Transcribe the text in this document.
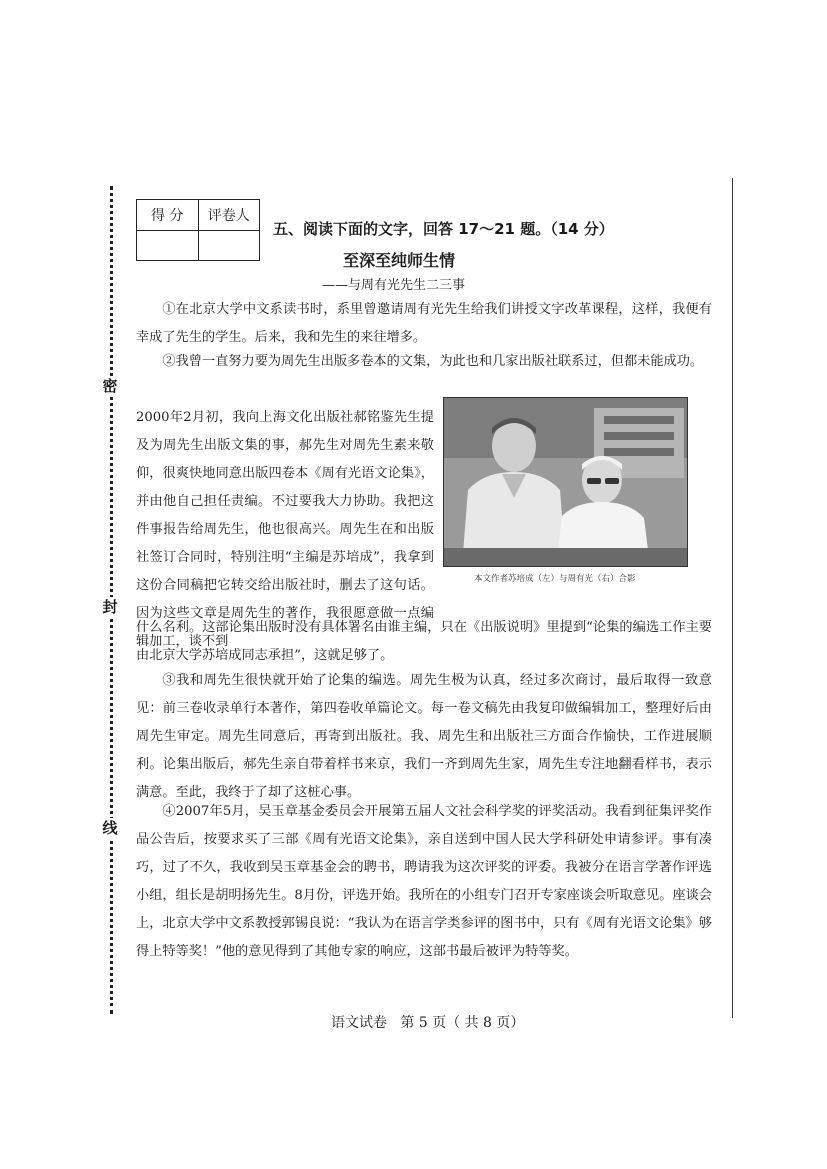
密
封
线
得 分	评卷人

五、阅读下面的文字，回答 17～21 题。（14 分）
至深至纯师生情
——与周有光先生二三事

①在北京大学中文系读书时，系里曾邀请周有光先生给我们讲授文字改革课程，这样，我便有幸成了先生的学生。后来，我和先生的来往增多。

②我曾一直努力要为周先生出版多卷本的文集，为此也和几家出版社联系过，但都未能成功。

2000年2月初，我向上海文化出版社郝铭鉴先生提及为周先生出版文集的事，郝先生对周先生素来敬仰，很爽快地同意出版四卷本《周有光语文论集》，并由他自己担任责编。不过要我大力协助。我把这件事报告给周先生，他也很高兴。周先生在和出版社签订合同时，特别注明“主编是苏培成”，我拿到这份合同稿把它转交给出版社时，删去了这句话。因为这些文章是周先生的著作，我很愿意做一点编辑加工，谈不到
本文作者苏培成（左）与周有光（右）合影
什么名利。这部论集出版时没有具体署名由谁主编，只在《出版说明》里提到“论集的编选工作主要由北京大学苏培成同志承担”，这就足够了。

③我和周先生很快就开始了论集的编选。周先生极为认真，经过多次商讨，最后取得一致意见：前三卷收录单行本著作，第四卷收单篇论文。每一卷文稿先由我复印做编辑加工，整理好后由周先生审定。周先生同意后，再寄到出版社。我、周先生和出版社三方面合作愉快，工作进展顺利。论集出版后，郝先生亲自带着样书来京，我们一齐到周先生家，周先生专注地翻看样书，表示满意。至此，我终于了却了这桩心事。

④2007年5月，吴玉章基金委员会开展第五届人文社会科学奖的评奖活动。我看到征集评奖作品公告后，按要求买了三部《周有光语文论集》，亲自送到中国人民大学科研处申请参评。事有凑巧，过了不久，我收到吴玉章基金会的聘书，聘请我为这次评奖的评委。我被分在语言学著作评选小组，组长是胡明扬先生。8月份，评选开始。我所在的小组专门召开专家座谈会听取意见。座谈会上，北京大学中文系教授郭锡良说：“我认为在语言学类参评的图书中，只有《周有光语文论集》够得上特等奖！”他的意见得到了其他专家的响应，这部书最后被评为特等奖。

语文试卷   第 5 页（ 共 8 页）
